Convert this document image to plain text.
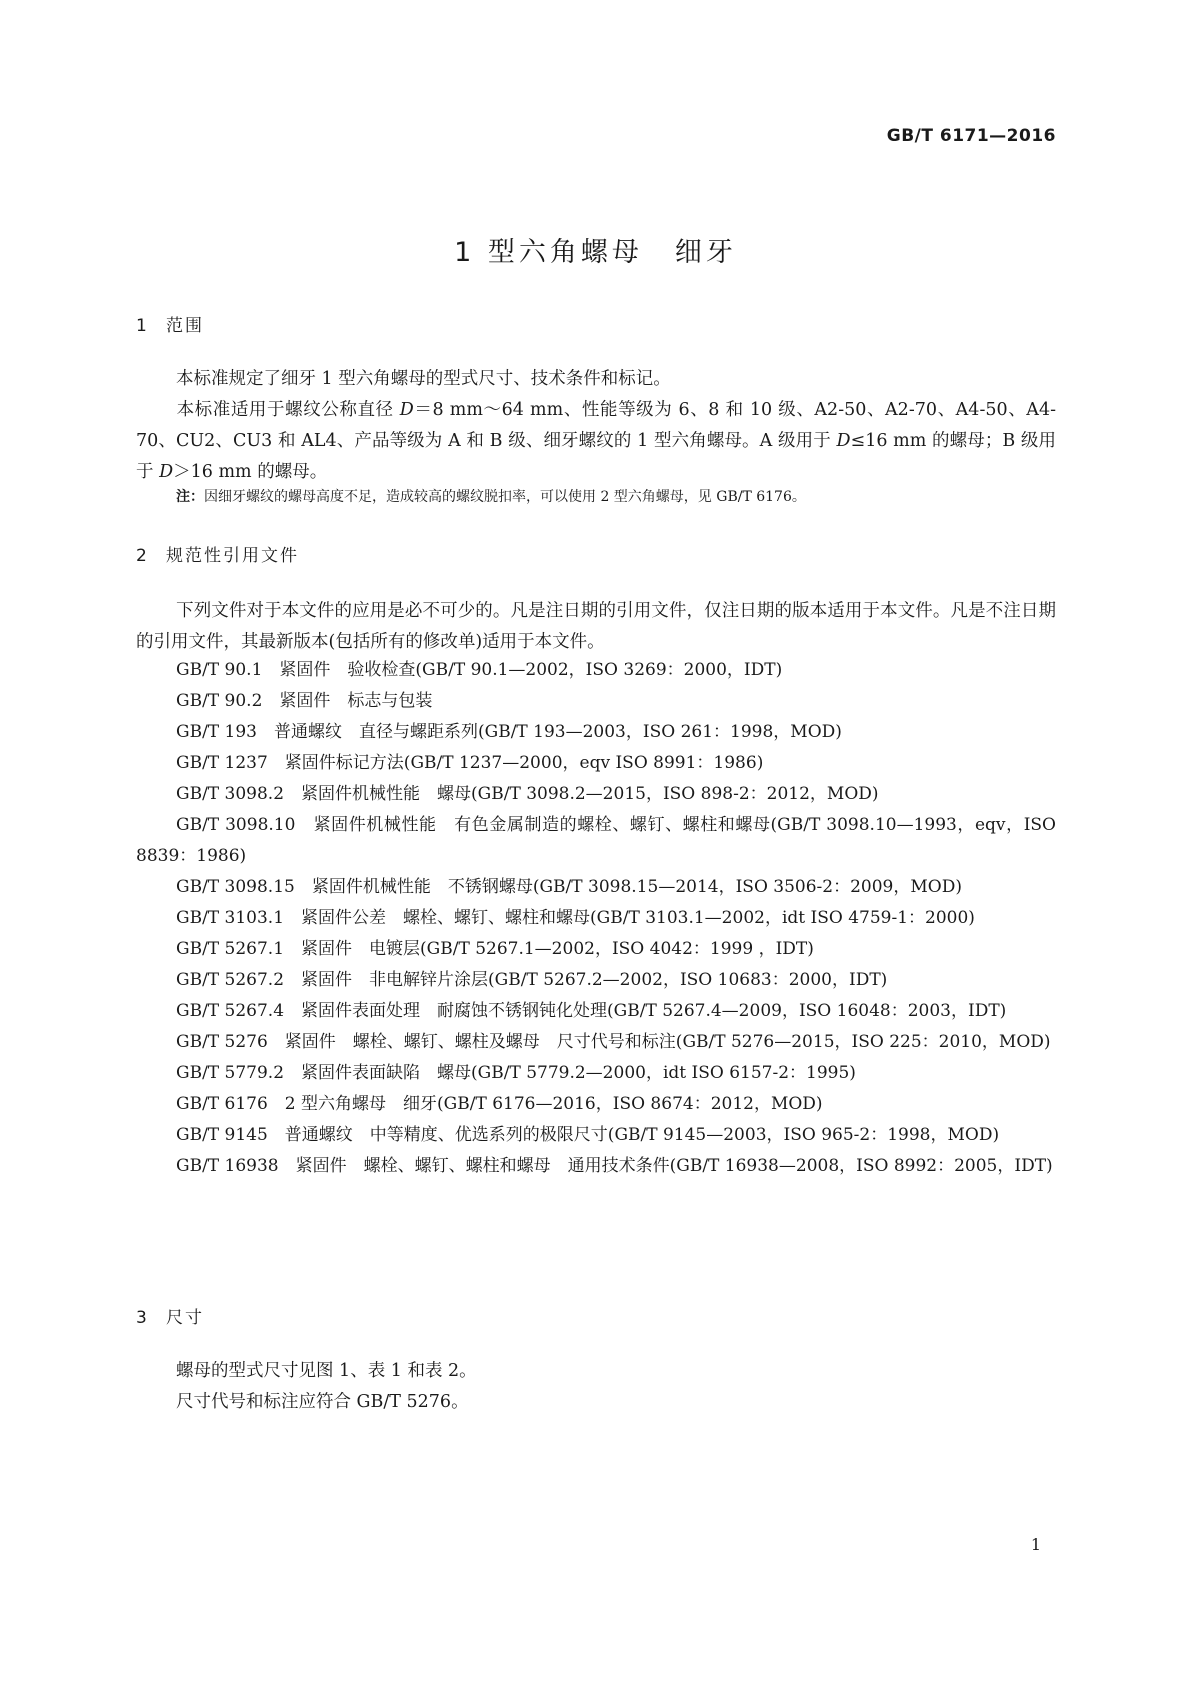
GB/T 6171—2016
1 型六角螺母 细牙
1 范围
本标准规定了细牙 1 型六角螺母的型式尺寸、技术条件和标记。
本标准适用于螺纹公称直径 D＝8 mm～64 mm、性能等级为 6、8 和 10 级、A2-50、A2-70、A4-50、A4-70、CU2、CU3 和 AL4、产品等级为 A 和 B 级、细牙螺纹的 1 型六角螺母。A 级用于 D≤16 mm 的螺母；B 级用于 D＞16 mm 的螺母。
注：因细牙螺纹的螺母高度不足，造成较高的螺纹脱扣率，可以使用 2 型六角螺母，见 GB/T 6176。
2 规范性引用文件
下列文件对于本文件的应用是必不可少的。凡是注日期的引用文件，仅注日期的版本适用于本文件。凡是不注日期的引用文件，其最新版本(包括所有的修改单)适用于本文件。

GB/T 90.1　紧固件　验收检查(GB/T 90.1—2002，ISO 3269：2000，IDT)

GB/T 90.2　紧固件　标志与包装

GB/T 193　普通螺纹　直径与螺距系列(GB/T 193—2003，ISO 261：1998，MOD)

GB/T 1237　紧固件标记方法(GB/T 1237—2000，eqv ISO 8991：1986)

GB/T 3098.2　紧固件机械性能　螺母(GB/T 3098.2—2015，ISO 898-2：2012，MOD)

GB/T 3098.10　紧固件机械性能　有色金属制造的螺栓、螺钉、螺柱和螺母(GB/T 3098.10—1993，eqv，ISO 8839：1986)

GB/T 3098.15　紧固件机械性能　不锈钢螺母(GB/T 3098.15—2014，ISO 3506-2：2009，MOD)

GB/T 3103.1　紧固件公差　螺栓、螺钉、螺柱和螺母(GB/T 3103.1—2002，idt ISO 4759-1：2000)

GB/T 5267.1　紧固件　电镀层(GB/T 5267.1—2002，ISO 4042：1999 ，IDT)

GB/T 5267.2　紧固件　非电解锌片涂层(GB/T 5267.2—2002，ISO 10683：2000，IDT)

GB/T 5267.4　紧固件表面处理　耐腐蚀不锈钢钝化处理(GB/T 5267.4—2009，ISO 16048：2003，IDT)

GB/T 5276　紧固件　螺栓、螺钉、螺柱及螺母　尺寸代号和标注(GB/T 5276—2015，ISO 225：2010，MOD)

GB/T 5779.2　紧固件表面缺陷　螺母(GB/T 5779.2—2000，idt ISO 6157-2：1995)

GB/T 6176　2 型六角螺母　细牙(GB/T 6176—2016，ISO 8674：2012，MOD)

GB/T 9145　普通螺纹　中等精度、优选系列的极限尺寸(GB/T 9145—2003，ISO 965-2：1998，MOD)

GB/T 16938　紧固件　螺栓、螺钉、螺柱和螺母　通用技术条件(GB/T 16938—2008，ISO 8992：2005，IDT)

3 尺寸
螺母的型式尺寸见图 1、表 1 和表 2。
尺寸代号和标注应符合 GB/T 5276。
1
